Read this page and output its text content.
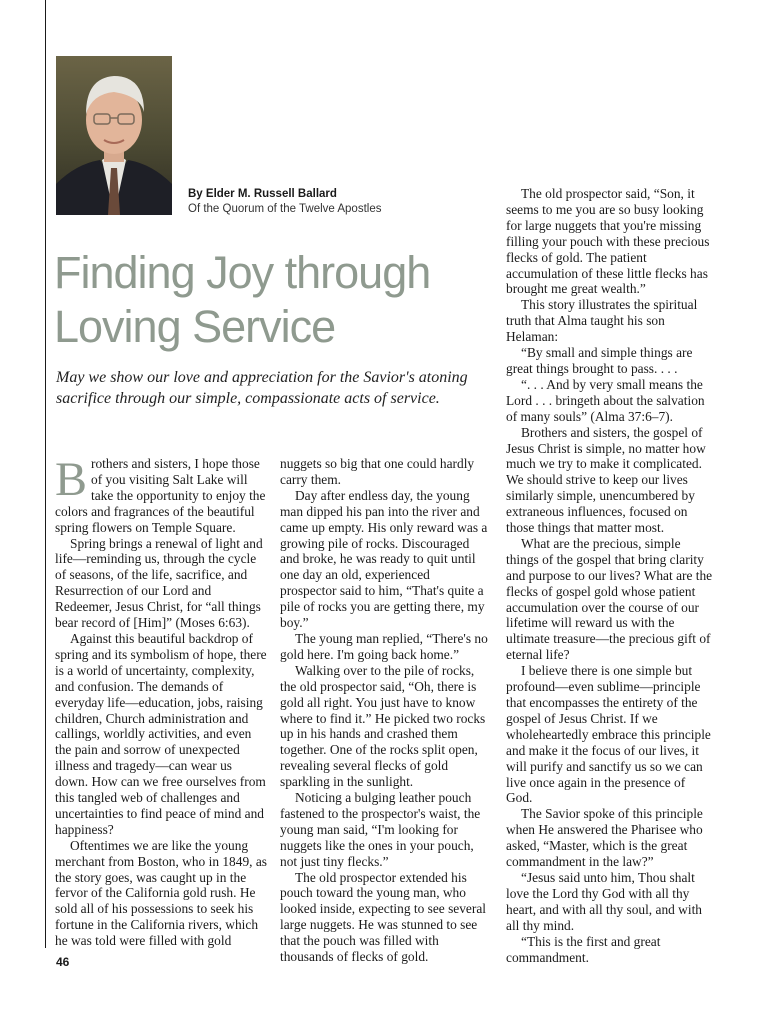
By Elder M. Russell Ballard
Of the Quorum of the Twelve Apostles
Finding Joy through
Loving Service

May we show our love and appreciation for the Savior's atoning sacrifice through our simple, compassionate acts of service.

Brothers and sisters, I hope those of you visiting Salt Lake will take the opportunity to enjoy the colors and fragrances of the beautiful spring flowers on Temple Square.

Spring brings a renewal of light and life—reminding us, through the cycle of seasons, of the life, sacrifice, and Resurrection of our Lord and Redeemer, Jesus Christ, for “all things bear record of [Him]” (Moses 6:63).

Against this beautiful backdrop of spring and its symbolism of hope, there is a world of uncertainty, complexity, and confusion. The demands of everyday life—education, jobs, raising children, Church administration and callings, worldly activities, and even the pain and sorrow of unexpected illness and tragedy—can wear us down. How can we free ourselves from this tangled web of challenges and uncertainties to find peace of mind and happiness?

Oftentimes we are like the young merchant from Boston, who in 1849, as the story goes, was caught up in the fervor of the California gold rush. He sold all of his possessions to seek his fortune in the California rivers, which he was told were filled with gold

nuggets so big that one could hardly carry them.

Day after endless day, the young man dipped his pan into the river and came up empty. His only reward was a growing pile of rocks. Discouraged and broke, he was ready to quit until one day an old, experienced prospector said to him, “That's quite a pile of rocks you are getting there, my boy.”

The young man replied, “There's no gold here. I'm going back home.”

Walking over to the pile of rocks, the old prospector said, “Oh, there is gold all right. You just have to know where to find it.” He picked two rocks up in his hands and crashed them together. One of the rocks split open, revealing several flecks of gold sparkling in the sunlight.

Noticing a bulging leather pouch fastened to the prospector's waist, the young man said, “I'm looking for nuggets like the ones in your pouch, not just tiny flecks.”

The old prospector extended his pouch toward the young man, who looked inside, expecting to see several large nuggets. He was stunned to see that the pouch was filled with thousands of flecks of gold.

The old prospector said, “Son, it seems to me you are so busy looking for large nuggets that you're missing filling your pouch with these precious flecks of gold. The patient accumulation of these little flecks has brought me great wealth.”

This story illustrates the spiritual truth that Alma taught his son Helaman:

“By small and simple things are great things brought to pass. . . .

“. . . And by very small means the Lord . . . bringeth about the salvation of many souls” (Alma 37:6–7).

Brothers and sisters, the gospel of Jesus Christ is simple, no matter how much we try to make it complicated. We should strive to keep our lives similarly simple, unencumbered by extraneous influences, focused on those things that matter most.

What are the precious, simple things of the gospel that bring clarity and purpose to our lives? What are the flecks of gospel gold whose patient accumulation over the course of our lifetime will reward us with the ultimate treasure—the precious gift of eternal life?

I believe there is one simple but profound—even sublime—principle that encompasses the entirety of the gospel of Jesus Christ. If we wholeheartedly embrace this principle and make it the focus of our lives, it will purify and sanctify us so we can live once again in the presence of God.

The Savior spoke of this principle when He answered the Pharisee who asked, “Master, which is the great commandment in the law?”

“Jesus said unto him, Thou shalt love the Lord thy God with all thy heart, and with all thy soul, and with all thy mind.

“This is the first and great commandment.

46
